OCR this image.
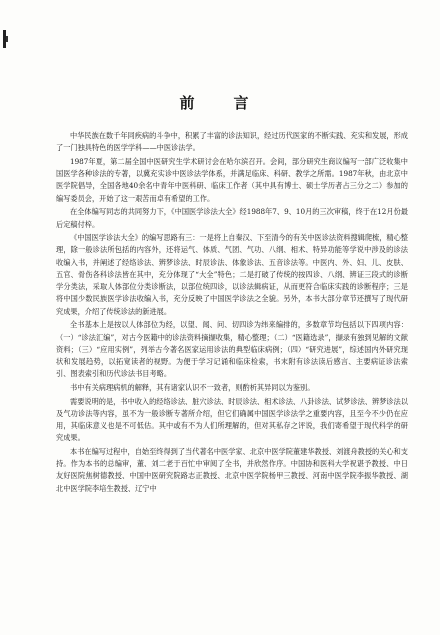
前　言

中华民族在数千年同疾病的斗争中，积累了丰富的诊法知识，经过历代医家的不断实践、充实和发展，形成了一门独具特色的医学学科——中医诊法学。

1987年夏，第二届全国中医研究生学术研讨会在哈尔滨召开。会间，部分研究生商议编写一部广泛收集中国医学各种诊法的专著，以冀充实诊中医诊法学体系，并满足临床、科研、教学之所需。1987年秋，由北京中医学院倡导，全国各地40余名中青年中医科研、临床工作者（其中具有博士、硕士学历者占三分之二）参加的编写委员会，开始了这一艰苦而卓有希望的工作。

在全体编写同志的共同努力下，《中国医学诊法大全》经1988年7、9、10月的三次审稿，终于在12月份最后定稿付梓。

《中国医学诊法大全》的编写思路有三：一是将上自秦汉、下至清今的有关中医诊法资料搜辑爬梳，精心整理，除一般诊法所包括的内容外，还将运气、体质、气团、气功、八纲、相术、特异功能等学说中涉及的诊法收编入书，并阐述了经络诊法、辨梦诊法、时辰诊法、体象诊法、五音诊法等。中医内、外、妇、儿、皮肤、五官、骨伤各科诊法皆在其中，充分体现了“大全”特色；二是打破了传统的按四诊、八纲、辨证三段式的诊断学分类法，采取人体部位分类诊断法，以部位统四诊，以诊法辑病证，从而更符合临床实践的诊断程序；三是将中国少数民族医学诊法收编入书，充分反映了中国医学诊法之全貌。另外，本书大部分章节还撰写了现代研究成果，介绍了传统诊法的新进展。

全书基本上是按以人体部位为经，以望、闻、问、切四诊为纬来编排的，多数章节均包括以下四项内容：（一）“诊法汇编”，对古今医籍中的诊法资料摘撷收集，精心整理；（二）“医籍选录”，撷录有独到见解的文献资料；（三）“应用实例”，列举古今著名医家运用诊法的典型临床病例；（四）“研究进展”，综述国内外研究现状和发展趋势，以拓宽读者的视野。为便于学习记诵和临床检索，书末附有诊法读后感言、主要病证诊法索引、图表索引和历代诊法书目考略。

书中有关病理病机的解释，其有诸家认识不一致者，则酌析其异同以为鉴别。

需要说明的是，书中收入的经络诊法、脏穴诊法、时辰诊法、相术诊法、八卦诊法、试梦诊法、辨梦诊法以及气功诊法等内容，虽不为一般诊断专著所介绍，但它们确属中国医学诊法学之重要内容，且至今不少仍在应用，其临床意义也是不可低估。其中或有不为人们所理解的，但对其私存之评说，我们寄希望于现代科学的研究成果。

本书在编写过程中，自始至终得到了当代著名中医学家、北京中医学院董建华教授、刘渡舟教授的关心和支持。作为本书的总编审，董、刘二老于百忙中审阅了全书，并欣然作序。中国协和医科大学祝谌予教授、中日友好医院焦树德教授、中国中医研究院路志正教授、北京中医学院杨甲三教授、河南中医学院李振华教授、湖北中医学院李培生教授、辽宁中
